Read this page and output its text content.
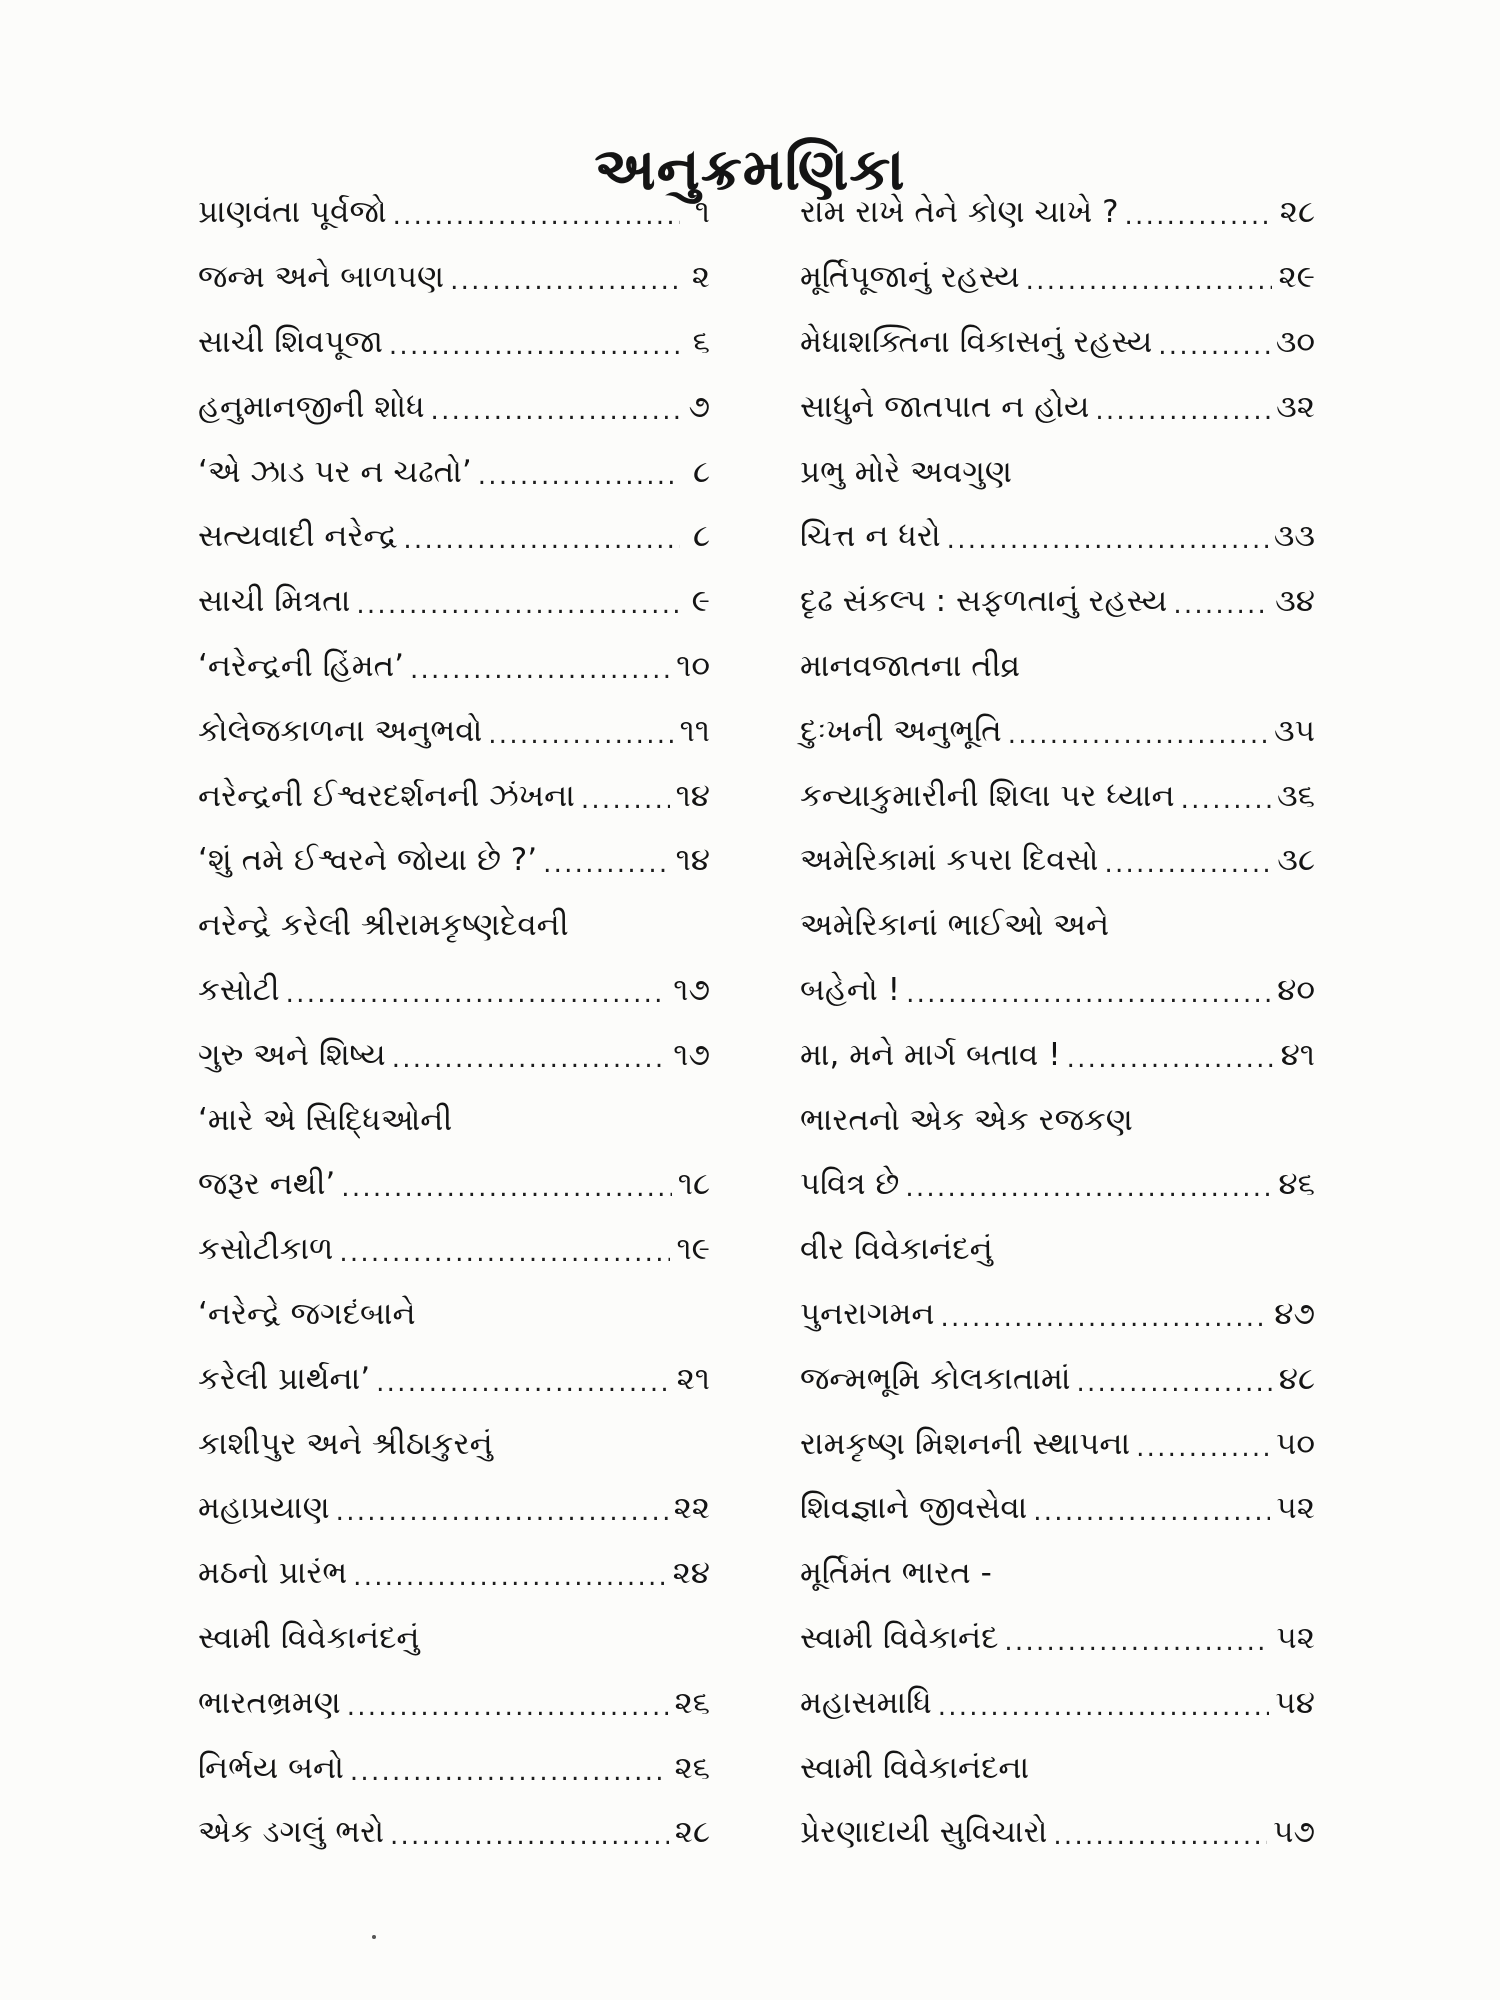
અનુક્રમણિકા
પ્રાણવંતા પૂર્વજો . . .	૧
જન્મ અને બાળપણ . . .	૨
સાચી શિવપૂજા . . .	૬
હનુમાનજીની શોધ . . .	૭
‘એ ઝાડ પર ન ચઢતો’ . . .	૮
સત્યવાદી નરેન્દ્ર . . .	૮
સાચી મિત્રતા . . .	૯
‘નરેન્દ્રની હિંમત’ . . .	૧૦
કોલેજકાળના અનુભવો . . .	૧૧
નરેન્દ્રની ઈશ્વરદર્શનની ઝંખના . . .	૧૪
‘શું તમે ઈશ્વરને જોયા છે ?’ . . .	૧૪
નરેન્દ્રે કરેલી શ્રીરામકૃષ્ણદેવની
કસોટી . . .	૧૭
ગુરુ અને શિષ્ય . . .	૧૭
‘મારે એ સિદ્ધિઓની
જરૂર નથી’ . . .	૧૮
કસોટીકાળ . . .	૧૯
‘નરેન્દ્રે જગદંબાને
કરેલી પ્રાર્થના’ . . .	૨૧
કાશીપુર અને શ્રીઠાકુરનું
મહાપ્રયાણ . . .	૨૨
મઠનો પ્રારંભ . . .	૨૪
સ્વામી વિવેકાનંદનું
ભારતભ્રમણ . . .	૨૬
નિર્ભય બનો . . .	૨૬
એક ડગલું ભરો . . .	૨૮
રામ રાખે તેને કોણ ચાખે ? . . .	૨૮
મૂર્તિપૂજાનું રહસ્ય . . .	૨૯
મેધાશક્તિના વિકાસનું રહસ્ય . . .	૩૦
સાધુને જાતપાત ન હોય . . .	૩૨
પ્રભુ મોરે અવગુણ
ચિત્ત ન ધરો . . .	૩૩
દૃઢ સંકલ્પ : સફળતાનું રહસ્ય . . .	૩૪
માનવજાતના તીવ્ર
દુઃખની અનુભૂતિ . . .	૩૫
કન્યાકુમારીની શિલા પર ધ્યાન . . .	૩૬
અમેરિકામાં કપરા દિવસો . . .	૩૮
અમેરિકાનાં ભાઈઓ અને
બહેનો ! . . .	૪૦
મા, મને માર્ગ બતાવ ! . . .	૪૧
ભારતનો એક એક રજકણ
પવિત્ર છે . . .	૪૬
વીર વિવેકાનંદનું
પુનરાગમન . . .	૪૭
જન્મભૂમિ કોલકાતામાં . . .	૪૮
રામકૃષ્ણ મિશનની સ્થાપના . . .	૫૦
શિવજ્ઞાને જીવસેવા . . .	૫૨
મૂર્તિમંત ભારત -
સ્વામી વિવેકાનંદ . . .	૫૨
મહાસમાધિ . . .	૫૪
સ્વામી વિવેકાનંદના
પ્રેરણાદાયી સુવિચારો . . .	૫૭
